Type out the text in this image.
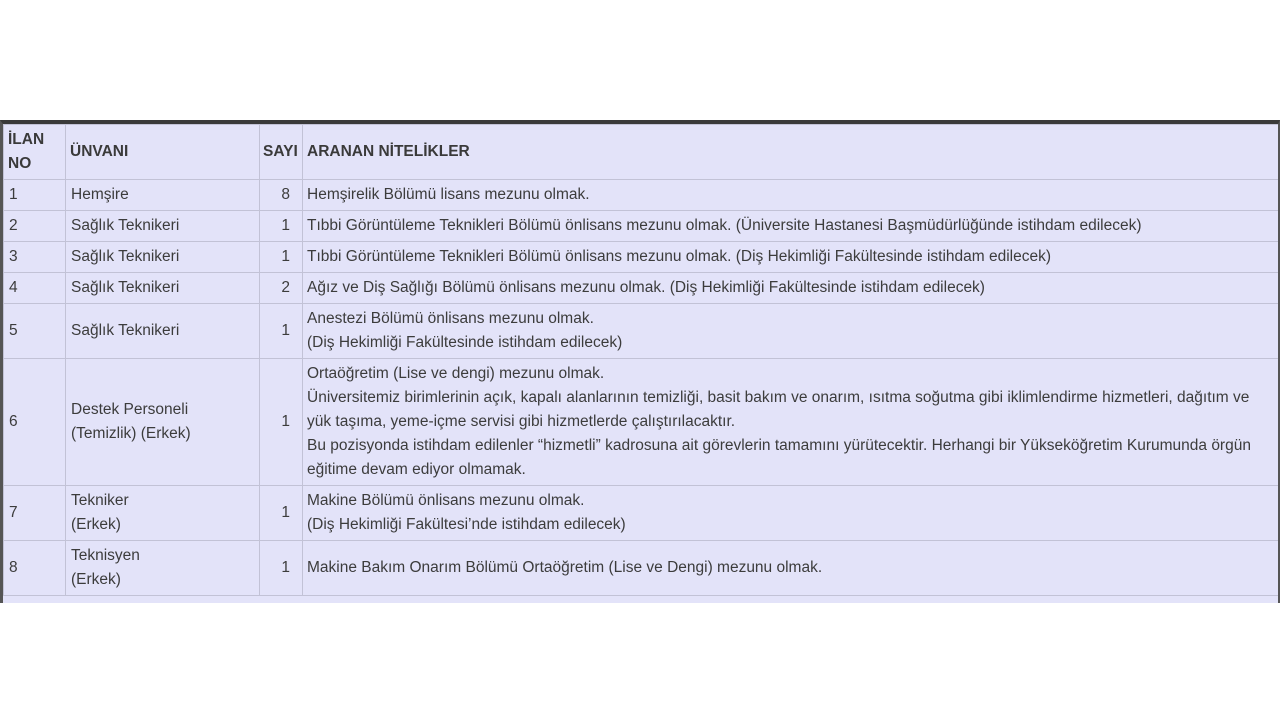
İLAN NO	ÜNVANI	SAYI	ARANAN NİTELİKLER
1	Hemşire	8	Hemşirelik Bölümü lisans mezunu olmak.

2	Sağlık Teknikeri	1	Tıbbi Görüntüleme Teknikleri Bölümü önlisans mezunu olmak. (Üniversite Hastanesi Başmüdürlüğünde istihdam edilecek)

3	Sağlık Teknikeri	1	Tıbbi Görüntüleme Teknikleri Bölümü önlisans mezunu olmak. (Diş Hekimliği Fakültesinde istihdam edilecek)

4	Sağlık Teknikeri	2	Ağız ve Diş Sağlığı Bölümü önlisans mezunu olmak. (Diş Hekimliği Fakültesinde istihdam edilecek)

5	Sağlık Teknikeri	1	Anestezi Bölümü önlisans mezunu olmak.
(Diş Hekimliği Fakültesinde istihdam edilecek)

6	Destek Personeli
(Temizlik) (Erkek)	1	Ortaöğretim (Lise ve dengi) mezunu olmak.
Üniversitemiz birimlerinin açık, kapalı alanlarının temizliği, basit bakım ve onarım, ısıtma soğutma gibi iklimlendirme hizmetleri, dağıtım ve yük taşıma, yeme-içme servisi gibi hizmetlerde çalıştırılacaktır.
Bu pozisyonda istihdam edilenler “hizmetli” kadrosuna ait görevlerin tamamını yürütecektir. Herhangi bir Yükseköğretim Kurumunda örgün eğitime devam ediyor olmamak.

7	Tekniker
(Erkek)	1	Makine Bölümü önlisans mezunu olmak.
(Diş Hekimliği Fakültesi’nde istihdam edilecek)

8	Teknisyen
(Erkek)	1	Makine Bakım Onarım Bölümü Ortaöğretim (Lise ve Dengi) mezunu olmak.
